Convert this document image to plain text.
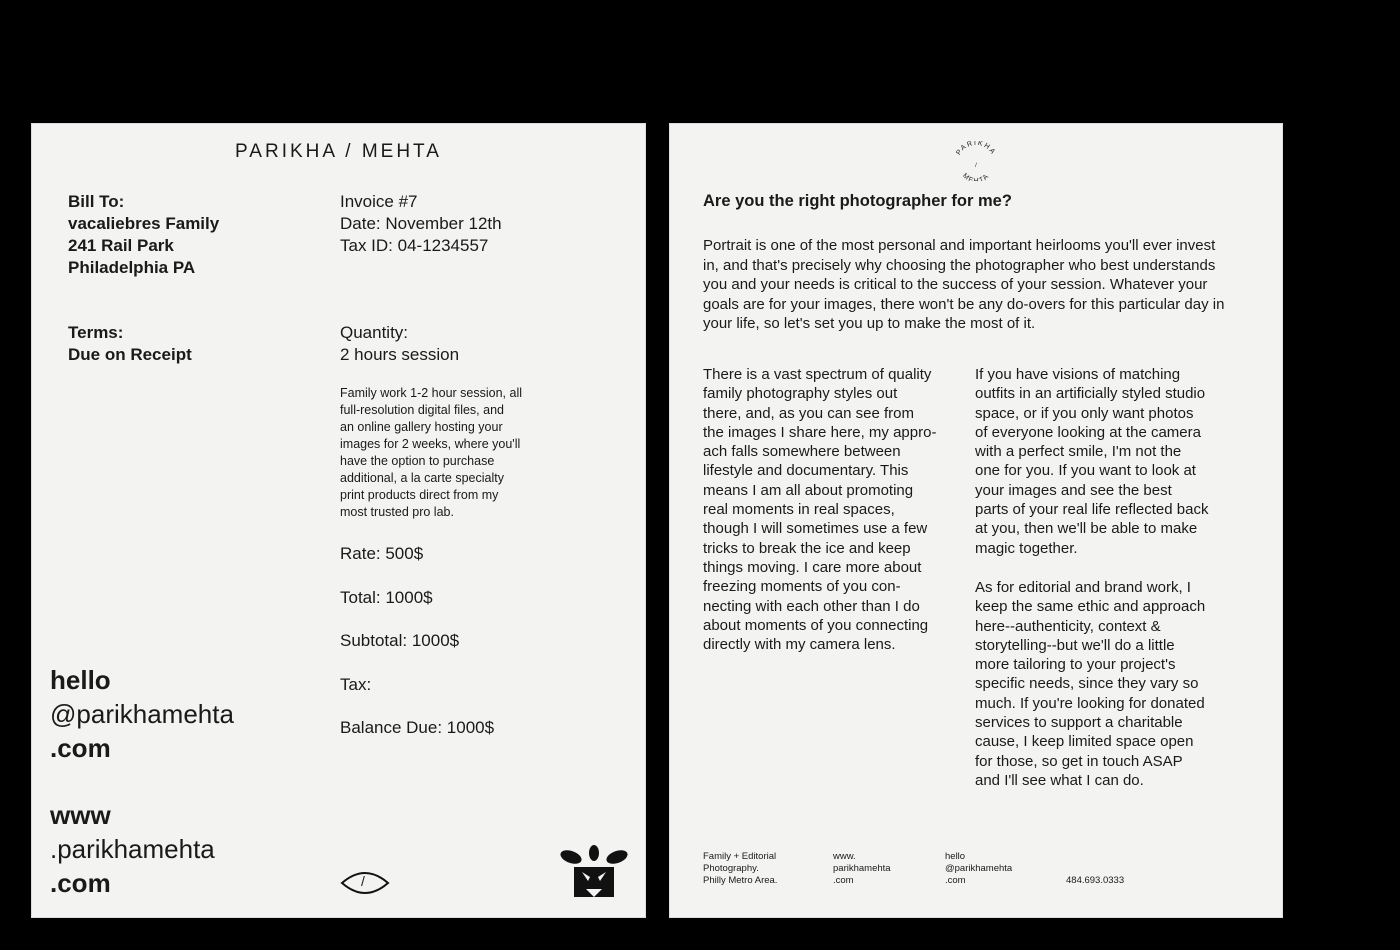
PARIKHA / MEHTA
Bill To:
vacaliebres Family
241 Rail Park
Philadelphia PA
Invoice #7
Date: November 12th
Tax ID: 04-1234557
Terms:
Due on Receipt
Quantity:
2 hours session
Family work 1-2 hour session, all
full-resolution digital files, and
an online gallery hosting your
images for 2 weeks, where you'll
have the option to purchase
additional, a la carte specialty
print products direct from my
most trusted pro lab.
Rate: 500$
Total: 1000$
Subtotal: 1000$
Tax:
Balance Due: 1000$
hello
@parikhamehta
.com
www
.parikhamehta
.com	/
PARIKHA
ME TA
/
Are you the right photographer for me?
Portrait is one of the most personal and important heirlooms you'll ever invest
in, and that's precisely why choosing the photographer who best understands
you and your needs is critical to the success of your session. Whatever your
goals are for your images, there won't be any do-overs for this particular day in
your life, so let's set you up to make the most of it.
There is a vast spectrum of quality
family photography styles out
there, and, as you can see from
the images I share here, my appro-
ach falls somewhere between
lifestyle and documentary. This
means I am all about promoting
real moments in real spaces,
though I will sometimes use a few
tricks to break the ice and keep
things moving. I care more about
freezing moments of you con-
necting with each other than I do
about moments of you connecting
directly with my camera lens.
If you have visions of matching
outfits in an artificially styled studio
space, or if you only want photos
of everyone looking at the camera
with a perfect smile, I'm not the
one for you. If you want to look at
your images and see the best
parts of your real life reflected back
at you, then we'll be able to make
magic together.
As for editorial and brand work, I
keep the same ethic and approach
here--authenticity, context &
storytelling--but we'll do a little
more tailoring to your project's
specific needs, since they vary so
much. If you're looking for donated
services to support a charitable
cause, I keep limited space open
for those, so get in touch ASAP
and I'll see what I can do.
Family + Editorial
Photography.
Philly Metro Area.
www.
parikhamehta
.com
hello
@parikhamehta
.com	484.693.0333
